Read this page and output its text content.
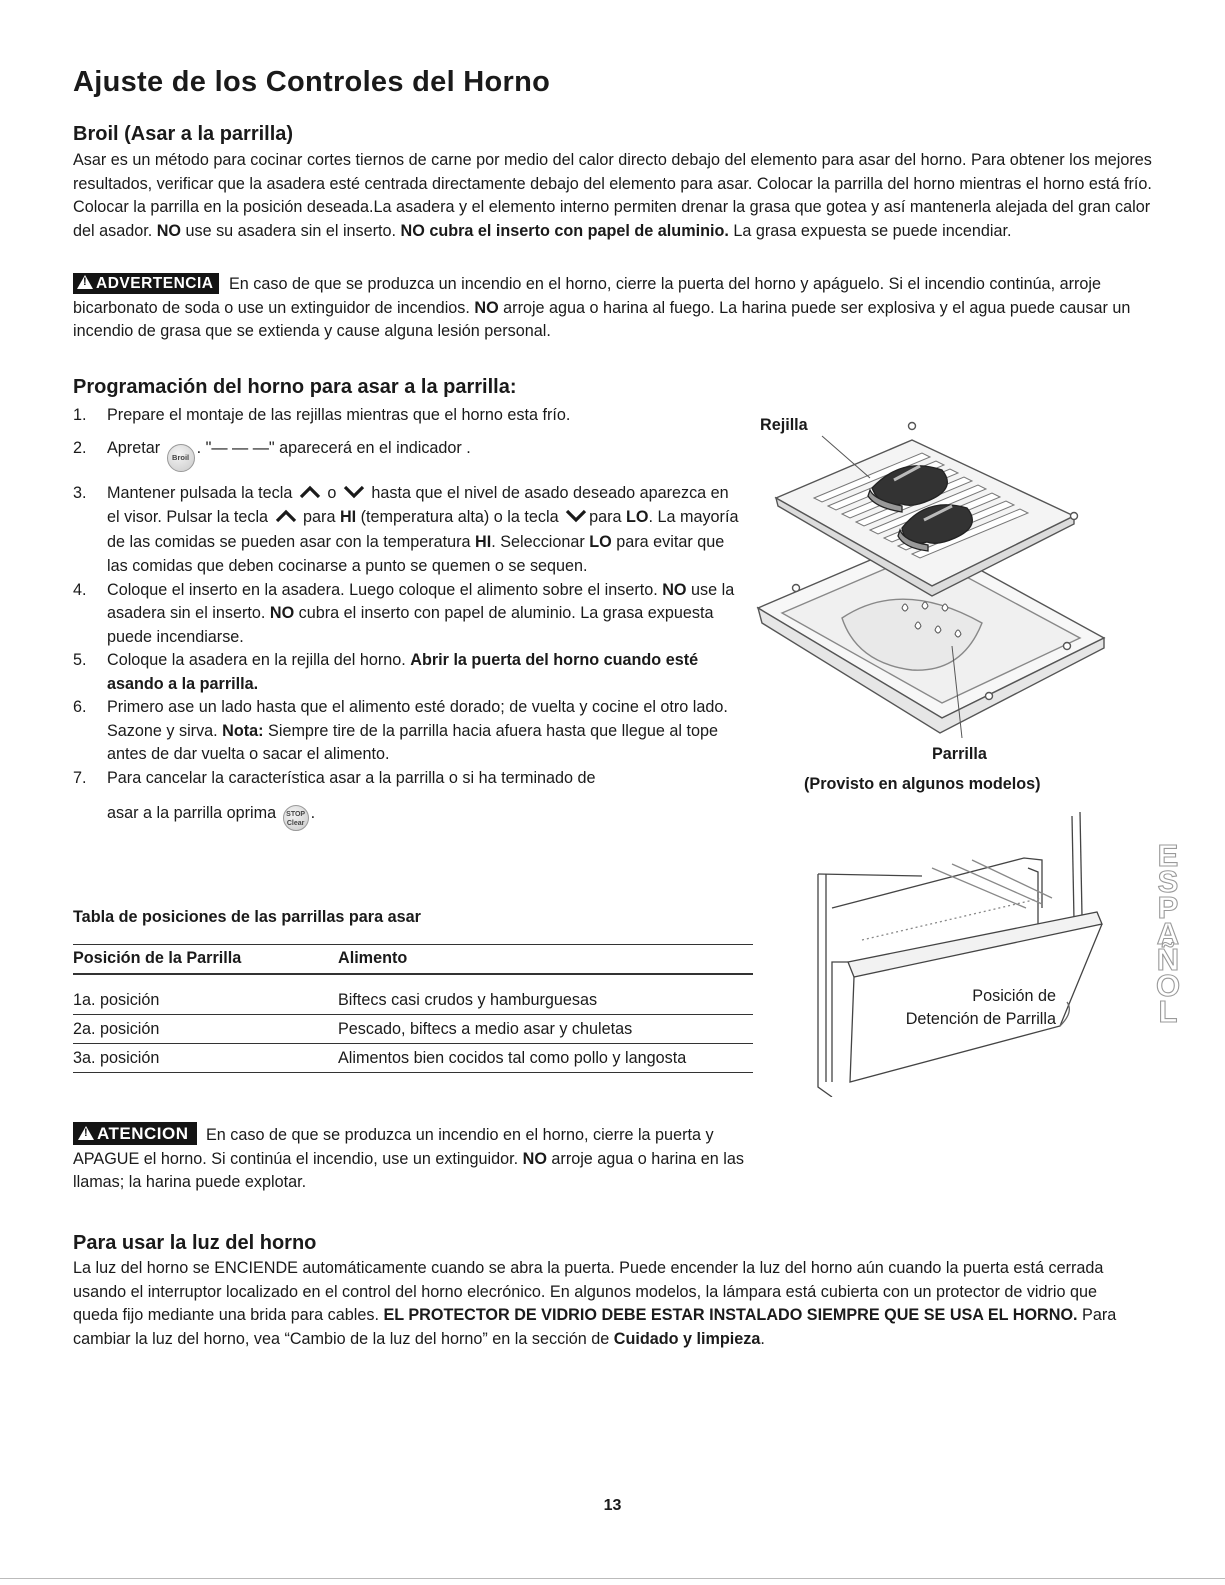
Ajuste de los Controles del Horno
Broil (Asar a la parrilla)

Asar es un método para cocinar cortes tiernos de carne por medio del calor directo debajo del elemento para asar del horno. Para obtener los mejores resultados, verificar que la asadera esté centrada directamente debajo del elemento para asar. Colocar la parrilla del horno mientras el horno está frío. Colocar la parrilla en la posición deseada.La asadera y el elemento interno permiten drenar la grasa que gotea y así mantenerla alejada del gran calor del asador. NO use su asadera sin el inserto. NO cubra el inserto con papel de aluminio. La grasa expuesta se puede incendiar.

!ADVERTENCIA En caso de que se produzca un incendio en el horno, cierre la puerta del horno y apáguelo. Si el incendio continúa, arroje bicarbonato de soda o use un extinguidor de incendios. NO arroje agua o harina al fuego. La harina puede ser explosiva y el agua puede causar un incendio de grasa que se extienda y cause alguna lesión personal.
Programación del horno para asar a la parrilla:
1. Prepare el montaje de las rejillas mientras que el horno esta frío.
2. Apretar Broil. "— — —" aparecerá en el indicador .
3. Mantener pulsada la tecla  o  hasta que el nivel de asado deseado aparezca en el visor. Pulsar la tecla  para HI (temperatura alta) o la tecla para LO. La mayoría de las comidas se pueden asar con la temperatura HI. Seleccionar LO para evitar que las comidas que deben cocinarse a punto se quemen o se sequen.
4. Coloque el inserto en la asadera. Luego coloque el alimento sobre el inserto. NO use la asadera sin el inserto. NO cubra el inserto con papel de aluminio. La grasa expuesta puede incendiarse.
5. Coloque la asadera en la rejilla del horno. Abrir la puerta del horno cuando esté asando a la parrilla.
6. Primero ase un lado hasta que el alimento esté dorado; de vuelta y cocine el otro lado. Sazone y sirva. Nota: Siempre tire de la parrilla hacia afuera hasta que llegue al tope antes de dar vuelta o sacar el alimento.
7. Para cancelar la característica asar a la parrilla o si ha terminado de
asar a la parrilla oprima STOP
Clear.

Tabla de posiciones de las parrillas para asar

Posición de la Parrilla	Alimento
1a. posición	Biftecs casi crudos y hamburguesas
2a. posición	Pescado, biftecs a medio asar y chuletas
3a. posición	Alimentos bien cocidos tal como pollo y langosta
!ATENCION En caso de que se produzca un incendio en el horno, cierre la puerta y APAGUE el horno. Si continúa el incendio, use un extinguidor. NO arroje agua o harina en las llamas; la harina puede explotar.
Para usar la luz del horno

La luz del horno se ENCIENDE automáticamente cuando se abra la puerta. Puede encender la luz del horno aún cuando la puerta está cerrada usando el interruptor localizado en el control del horno elecrónico. En algunos modelos, la lámpara está cubierta con un protector de vidrio que queda fijo mediante una brida para cables. EL PROTECTOR DE VIDRIO DEBE ESTAR INSTALADO SIEMPRE QUE SE USA EL HORNO. Para cambiar la luz del horno, vea “Cambio de la luz del horno” en la sección de Cuidado y limpieza.

Rejilla
Parrilla
(Provisto en algunos modelos)
Posición de
Detención de Parrilla
E
S
P
A
Ñ
O
L
13
